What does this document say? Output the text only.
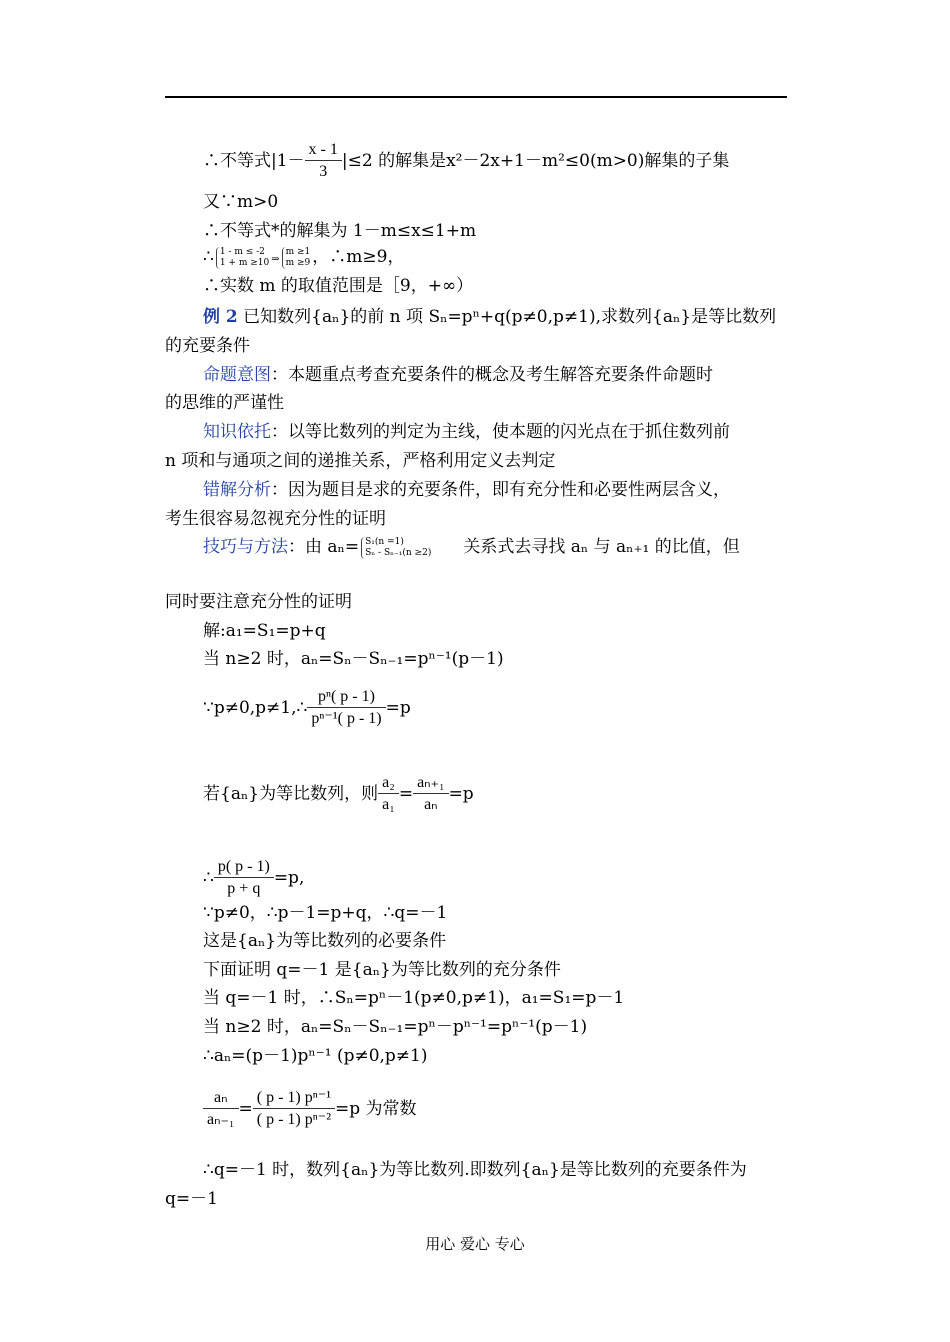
∴不等式$|1- \frac{x - 1}{3} |\le 2$ 的解集是x²－2x+1－m²≤0(m>0)解集的子集
又∵m>0
∴不等式*的解集为 1－m≤x≤1+m
∴ 1 - m ≤ -2
1 + m ≥10 ⇒m ≥1
m ≥9 ，∴m≥9，
∴实数 m 的取值范围是［9，+∞）
例 2 已知数列{aₙ}的前 n 项 Sₙ=pⁿ+q(p≠0,p≠1),求数列{aₙ}是等比数列
的充要条件
命题意图：本题重点考查充要条件的概念及考生解答充要条件命题时
的思维的严谨性
知识依托：以等比数列的判定为主线，使本题的闪光点在于抓住数列前
n 项和与通项之间的递推关系，严格利用定义去判定
错解分析：因为题目是求的充要条件，即有充分性和必要性两层含义，
考生很容易忽视充分性的证明
技巧与方法：由 aₙ= S₁(n =1)
Sₙ - Sₙ₋₁(n ≥2) 关系式去寻找 aₙ 与 aₙ₊₁ 的比值，但
同时要注意充分性的证明
解:a₁=S₁=p+q
当 n≥2 时，aₙ=Sₙ－Sₙ₋₁=pⁿ⁻¹(p－1)
∵p≠0,p≠1,∴ $\frac{\text{pⁿ( p - 1)}}{\text{pⁿ⁻¹( p - 1)}} =p$
若{aₙ}为等比数列，则 $\frac{\text{a₂}}{\text{a₁}} = \frac{\text{aₙ₊₁}}{\text{aₙ}} =p$
∴ $\frac{p( p - 1)}{p + q} =p$,
∵p≠0，∴p－1=p+q，∴q=－1
这是{aₙ}为等比数列的必要条件
下面证明 q=－1 是{aₙ}为等比数列的充分条件
当 q=－1 时，∴Sₙ=pⁿ－1(p≠0,p≠1)，a₁=S₁=p－1
当 n≥2 时，aₙ=Sₙ－Sₙ₋₁=pⁿ－pⁿ⁻¹=pⁿ⁻¹(p－1)
∴aₙ=(p－1)pⁿ⁻¹ (p≠0,p≠1)
$\frac{\text{aₙ}}{\text{aₙ₋₁}} = \frac{\text{( p - 1) pⁿ⁻¹}}{\text{( p - 1) pⁿ⁻²}} =p$ 为常数
∴q=－1 时，数列{aₙ}为等比数列.即数列{aₙ}是等比数列的充要条件为
q=－1
用心 爱心 专心
